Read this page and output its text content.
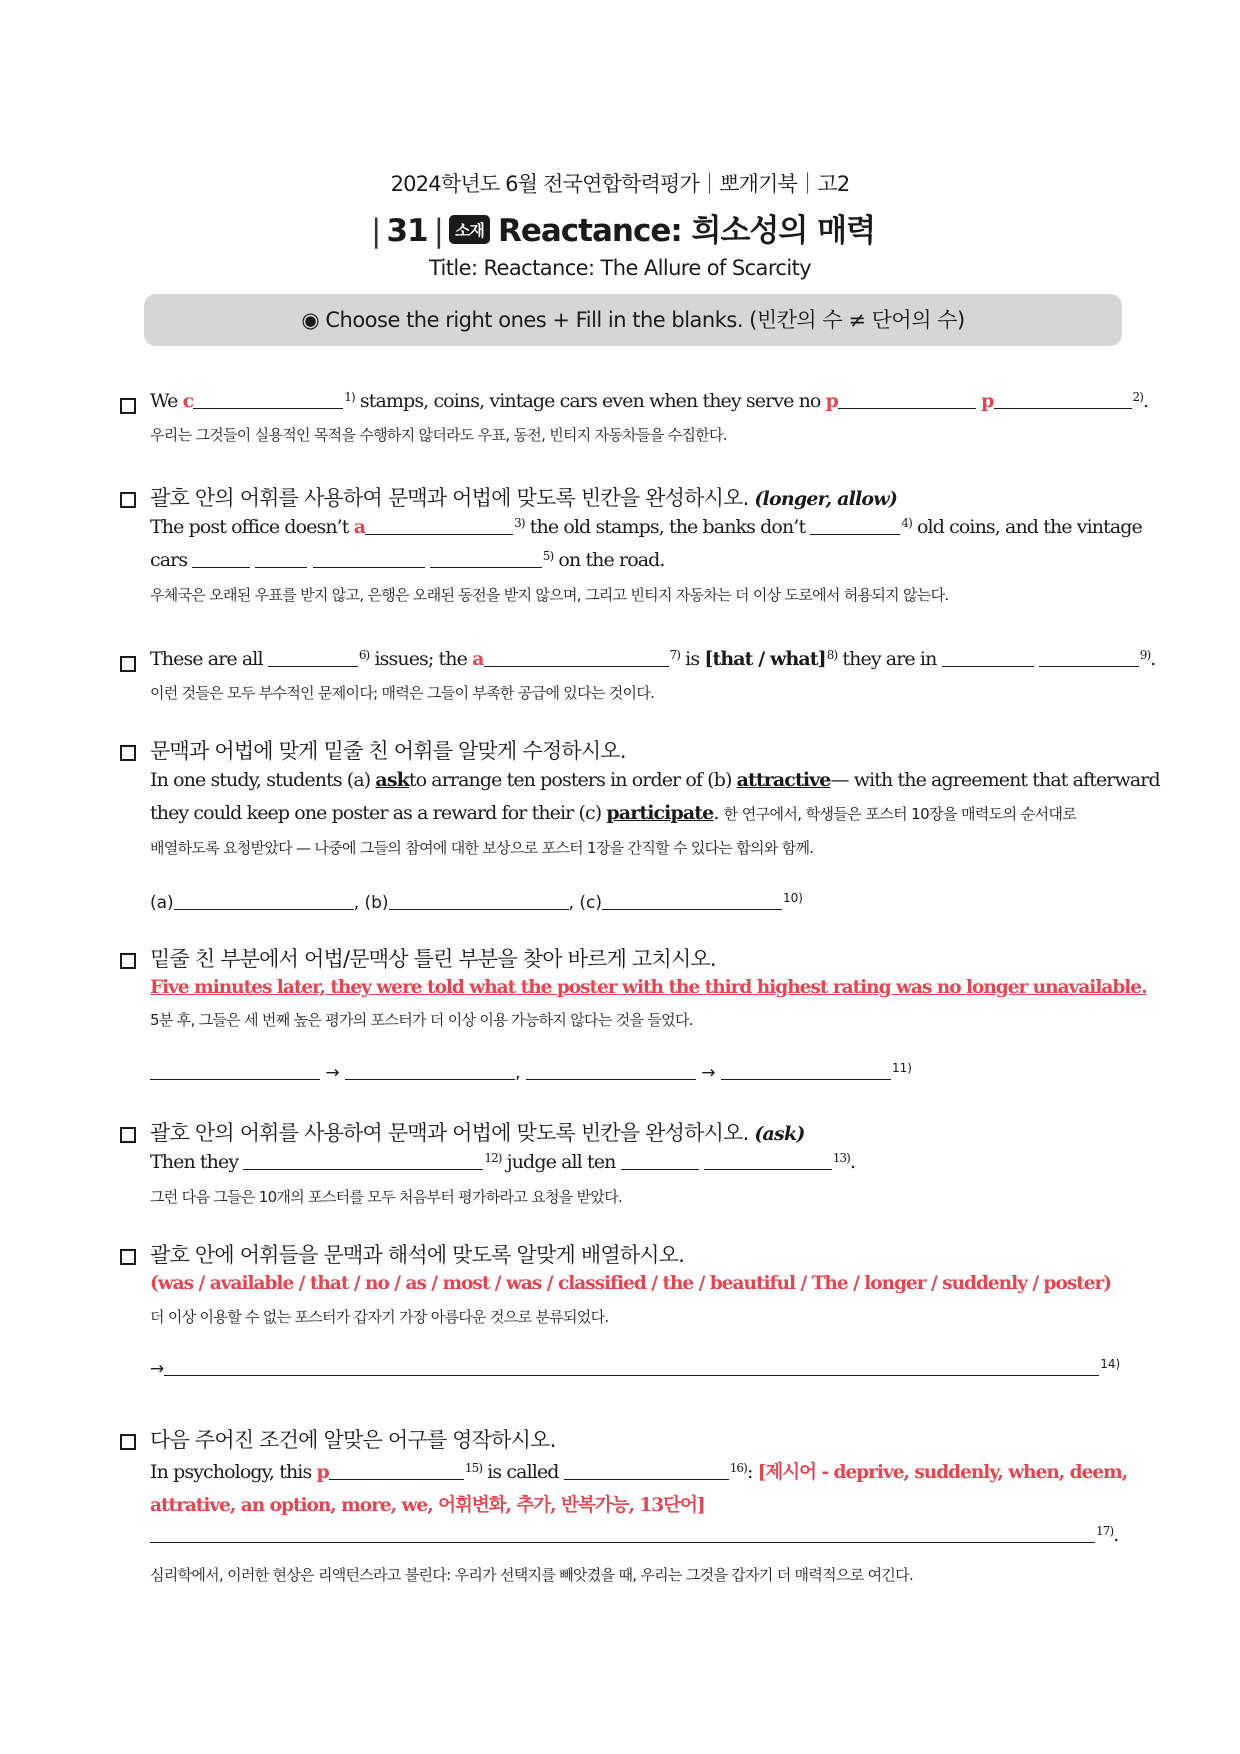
2024학년도 6월 전국연합학력평가｜뽀개기북｜고2
| 31 | 소재 Reactance: 희소성의 매력
Title: Reactance: The Allure of Scarcity
◉ Choose the right ones + Fill in the blanks. (빈칸의 수 ≠ 단어의 수)
We c	$^{1)}$ stamps, coins, vintage cars even when they serve no p	p	$^{2)}$.
우리는 그것들이 실용적인 목적을 수행하지 않더라도 우표, 동전, 빈티지 자동차들을 수집한다.
괄호 안의 어휘를 사용하여 문맥과 어법에 맞도록 빈칸을 완성하시오. (longer, allow)
The post office doesn’t a	$^{3)}$ the old stamps, the banks don’t	$^{4)}$ old coins, and the vintage
cars	$^{5)}$ on the road.
우체국은 오래된 우표를 받지 않고, 은행은 오래된 동전을 받지 않으며, 그리고 빈티지 자동차는 더 이상 도로에서 허용되지 않는다.
These are all	$^{6)}$ issues; the a	$^{7)}$ is [that / what]$^{8)}$ they are in	$^{9)}$.
이런 것들은 모두 부수적인 문제이다; 매력은 그들이 부족한 공급에 있다는 것이다.
문맥과 어법에 맞게 밑줄 친 어휘를 알맞게 수정하시오.
In one study, students (a) askto arrange ten posters in order of (b) attractive— with the agreement that afterward
they could keep one poster as a reward for their (c) participate. 한 연구에서, 학생들은 포스터 10장을 매력도의 순서대로
배열하도록 요청받았다 — 나중에 그들의 참여에 대한 보상으로 포스터 1장을 간직할 수 있다는 합의와 함께.
(a)	, (b)	, (c)	$^{10)}$
밑줄 친 부분에서 어법/문맥상 틀린 부분을 찾아 바르게 고치시오.
Five minutes later, they were told what the poster with the third highest rating was no longer unavailable.
5분 후, 그들은 세 번째 높은 평가의 포스터가 더 이상 이용 가능하지 않다는 것을 들었다.
→	,	→	$^{11)}$
괄호 안의 어휘를 사용하여 문맥과 어법에 맞도록 빈칸을 완성하시오. (ask)
Then they	$^{12)}$ judge all ten	$^{13)}$.
그런 다음 그들은 10개의 포스터를 모두 처음부터 평가하라고 요청을 받았다.
괄호 안에 어휘들을 문맥과 해석에 맞도록 알맞게 배열하시오.
(was / available / that / no / as / most / was / classified / the / beautiful / The / longer / suddenly / poster)
더 이상 이용할 수 없는 포스터가 갑자기 가장 아름다운 것으로 분류되었다.
→	$^{14)}$
다음 주어진 조건에 알맞은 어구를 영작하시오.
In psychology, this p	$^{15)}$ is called	$^{16)}$: [제시어 - deprive, suddenly, when, deem,
attrative, an option, more, we, 어휘변화, 추가, 반복가능, 13단어]
$^{17)}$.
심리학에서, 이러한 현상은 리액턴스라고 불린다: 우리가 선택지를 빼앗겼을 때, 우리는 그것을 갑자기 더 매력적으로 여긴다.
